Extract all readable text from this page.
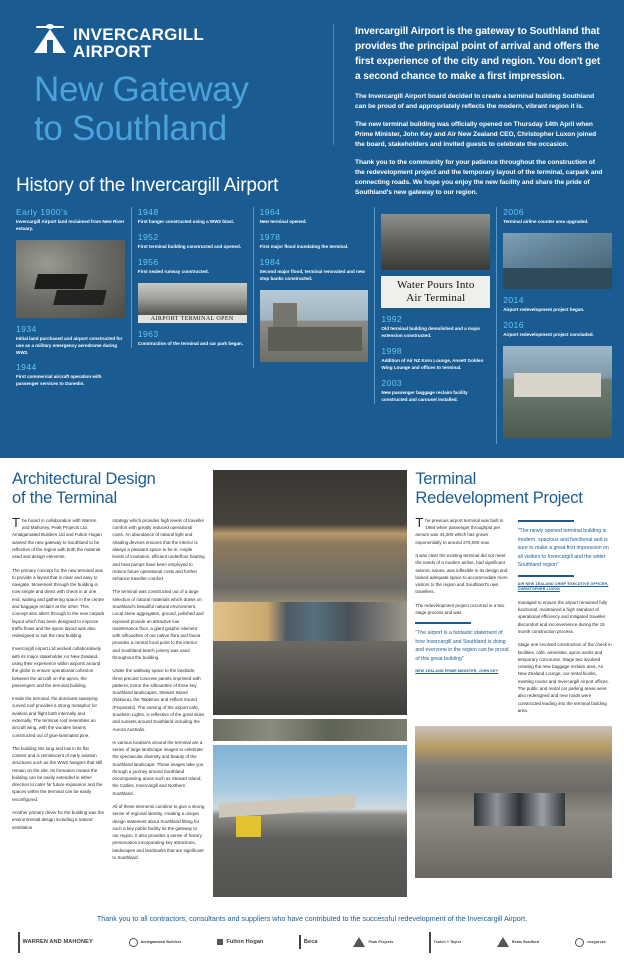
INVERCARGILL
AIRPORT
New Gateway
to Southland

Invercargill Airport is the gateway to Southland that provides the principal point of arrival and offers the first experience of the city and region. You don't get a second chance to make a first impression.

The Invercargill Airport board decided to create a terminal building Southland can be proud of and appropriately reflects the modern, vibrant region it is.

The new terminal building was officially opened on Thursday 14th April when Prime Minister, John Key and Air New Zealand CEO, Christopher Luxon joined the board, stakeholders and invited guests to celebrate the occasion.

Thank you to the community for your patience throughout the construction of the redevelopment project and the temporary layout of the terminal, carpark and connecting roads. We hope you enjoy the new facility and share the pride of Southland's new gateway to our region.

History of the Invercargill Airport
Early 1900's
Invercargill Airport land reclaimed from New River estuary.
1934
Initial land purchased and airport constructed for use as a military emergency aerodrome during WW2.
1944
First commercial aircraft operation with passenger services to Dunedin.
1948
First hanger constructed using a WW2 blast.
1952
First terminal building constructed and opened.
1956
First sealed runway constructed.
AIRPORT TERMINAL OPEN
1963
Construction of the terminal and car park began.
1964
New terminal opened.
1978
First major flood inundating the terminal.
1984
Second major flood, terminal renovated and new stop banks constructed.
Water Pours Into
Air Terminal
1992
Old terminal building demolished and a major extension constructed.
1998
Addition of Air NZ Koru Lounge, Ansett Golden Wing Lounge and offices to terminal.
2003
New passenger baggage reclaim facility constructed and carousel installed.
2006
Terminal airline counter area upgraded.
2014
Airport redevelopment project began.
2016
Airport redevelopment project concluded.
Architectural Design
of the Terminal

The board in collaboration with Warren and Mahoney, Peak Projects Ltd, Amalgamated Builders Ltd and Fulton Hogan wanted the new gateway to Southland to be reflective of the region with both the material used and design elements.

The primary concept for the new terminal was to provide a layout that is clear and easy to navigate. Movement through the building is now simple and direct with check in at one end, waiting and gathering space in the centre and baggage reclaim at the other. This concept also alters through to the new carpark layout which has been designed to improve traffic flows and the apron layout was also redesigned to suit the new building.

Invercargill Airport Ltd worked collaboratively with its major stakeholder Air New Zealand, using their experience within airports around the globe to ensure operational cohesion between the aircraft on the apron, the passengers and the terminal building.

Inside the terminal, the dominant sweeping curved roof provides a strong metaphor for aviation and flight both internally and externally. The terminal roof resembles an aircraft wing, with the wooden beams constructed out of glue-laminated pine.

The building sits long and low in its flat context and is reminiscent of early aviation structures such as the WW2 hangers that still remain on the site. Its formation means the building can be easily extended in either direction to cater for future expansion and the spaces within the terminal can be easily reconfigured.

Another primary driver for the building was the environmental design including a natural ventilation

strategy which provides high levels of traveller comfort with greatly reduced operational costs. An abundance of natural light and shading devices ensures that the interior is always a pleasant space to be in. Ample levels of insulation, efficient underfloor heating and heat pumps have been employed to reduce future operational costs and further enhance traveller comfort.

The terminal was constructed out of a large selection of natural materials which draws on Southland's beautiful natural environment. Local stone aggregates, ground, polished and exposed provide an attractive low maintenance floor, a giant graphic element with silhouettes of our native flora and fauna provides a central focal point to the interior and Southland beech joinery was used throughout the building.

Under the walkway space to the landside, three precast concrete panels imprinted with patterns mirror the silhouettes of three key Southland landscapes, Stewart Island (Rakiura), the Takitimus and Hilford Sound (Piopiotahi). The naming of the airport cafe, Southern Lights, is reflective of the great skies and sunsets around Southland including the Aurora Australis.

In various locations around the terminal are a series of large landscape images to celebrate the spectacular diversity and beauty of the Southland landscape. These images take you through a journey around Southland encompassing areas such as Stewart Island, the Catlins, Invercargill and Northern Southland.

All of these elements combine to give a strong sense of regional identity, creating a unique design statement about Southland fitting for such a key public facility as the gateway to our region. It also provides a sense of history preservation incorporating key attractions, landscapes and landmarks that are significant to Southland.

Terminal
Redevelopment Project

The previous airport terminal was built in 1964 when passenger throughput per annum was 44,000 which has grown exponentially to around 275,000 now.

It was clear the existing terminal did not meet the needs of a modern airline, had significant seismic issues, was inflexible in its design and lacked adequate space to accommodate more visitors to the region and Southland's own travellers.

The redevelopment project occurred in a two stage process and was

"The airport is a fantastic statement of how Invercargill and Southland is doing and everyone in the region can be proud of this great building"

NEW ZEALAND PRIME MINISTER, JOHN KEY

"The newly opened terminal building is modern, spacious and functional and is sure to make a great first impression on all visitors to Invercargill and the wider Southland region"

AIR NEW ZEALAND CHIEF EXECUTIVE OFFICER, CHRISTOPHER LUXON

managed to ensure the airport remained fully functional, maintained a high standard of operational efficiency and mitigated traveller discomfort and inconvenience during the 15 month construction process.

Stage one involved construction of the check in facilities, café, amenities, apron works and temporary concourse. Stage two involved creating the new baggage reclaim area, Air New Zealand Lounge, car rental kiosks, meeting rooms and Invercargill Airport offices. The public and rental car parking areas were also redesigned and new roads were constructed leading into the terminal building area.

Thank you to all contractors, consultants and suppliers who have contributed to the successful redevelopment of the Invercargill Airport.
WARREN AND MAHONEY	Amalgamated Builders	Fulton Hogan	Beca	Peak Projects	Tonkin + Taylor	Beals Bradford	cosgroves
